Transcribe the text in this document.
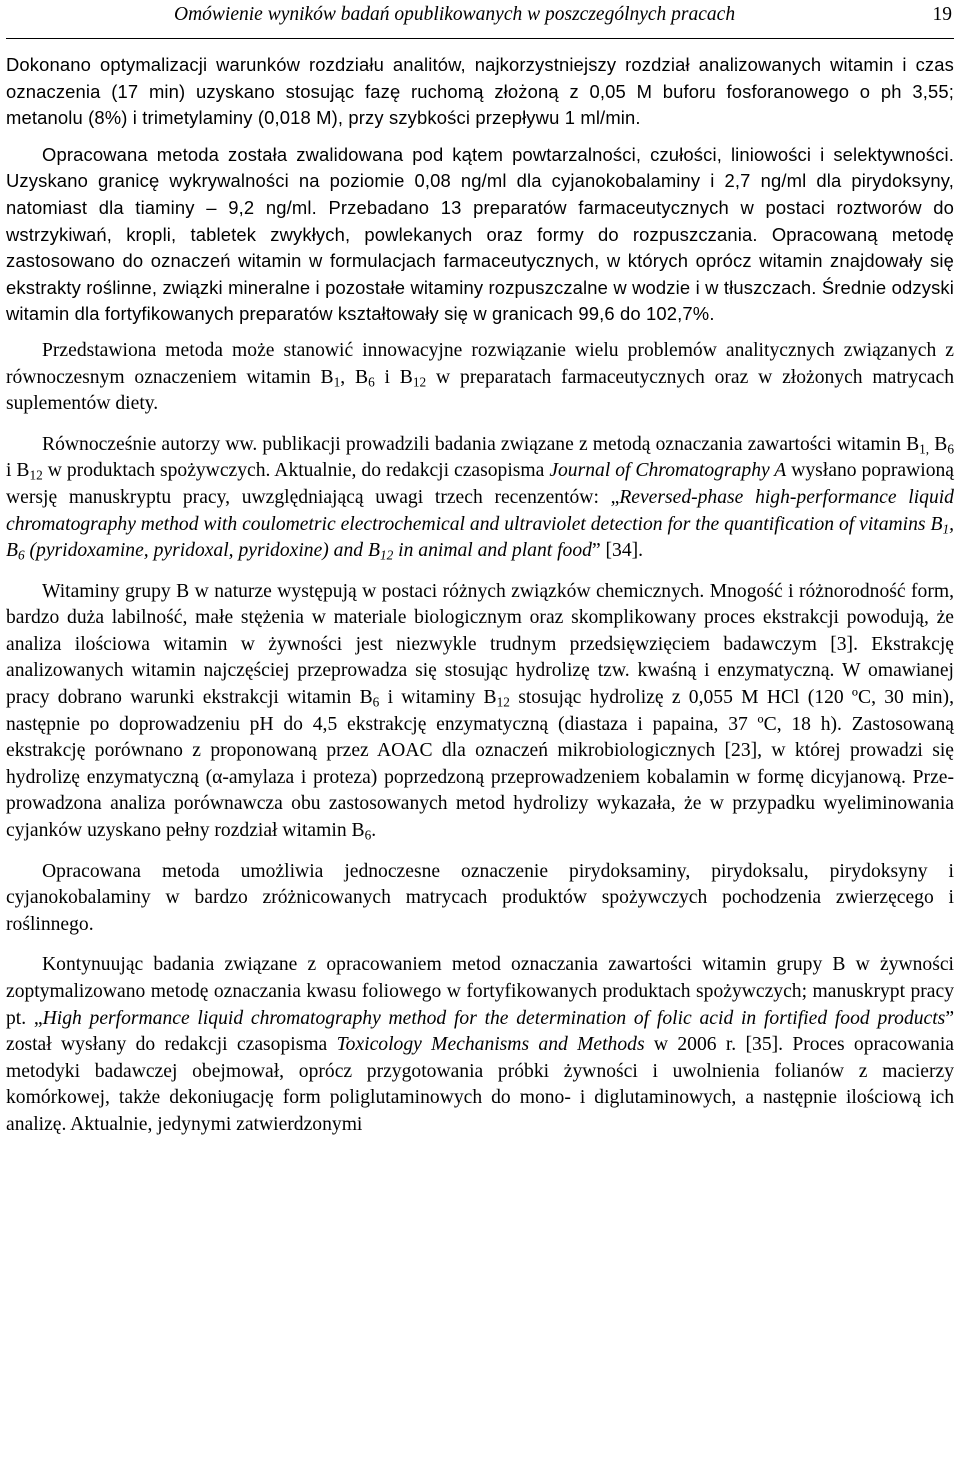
Omówienie wyników badań opublikowanych w poszczególnych pracach	19

Dokonano optymalizacji warunków rozdziału analitów, najkorzystniejszy rozdział analizowanych witamin i czas oznaczenia (17 min) uzyskano stosując fazę ruchomą złożoną z 0,05 M buforu fosforanowego o ph 3,55; metanolu (8%) i trimetylaminy (0,018 M), przy szybkości przepływu 1 ml/min.

Opracowana metoda została zwalidowana pod kątem powtarzalności, czułości, liniowości i selektywności. Uzyskano granicę wykrywalności na poziomie 0,08 ng/ml dla cyjanokobalaminy i 2,7 ng/ml dla pirydoksyny, natomiast dla tiaminy – 9,2 ng/ml. Przebadano 13 preparatów farmaceutycznych w postaci roztworów do wstrzykiwań, kropli, tabletek zwykłych, powlekanych oraz formy do rozpuszczania. Opracowaną metodę zastosowano do oznaczeń witamin w formulacjach farmaceutycznych, w których oprócz witamin znajdowały się ekstrakty roślinne, związki mineralne i pozostałe witaminy rozpuszczalne w wodzie i w tłuszczach. Średnie odzyski witamin dla fortyfikowanych preparatów kształtowały się w granicach 99,6 do 102,7%.

Przedstawiona metoda może stanowić innowacyjne rozwiązanie wielu problemów analitycznych związanych z równoczesnym oznaczeniem witamin $B_1$, $B_6$ i $B_{12}$ w preparatach farmaceutycznych oraz w złożonych matrycach suplementów diety.

Równocześnie autorzy ww. publikacji prowadzili badania związane z metodą oznaczania zawartości witamin $B_{1,}$ $B_6$ i $B_{12}$ w produktach spożywczych. Aktualnie, do redakcji czasopisma Journal of Chromatography A wysłano poprawioną wersję manuskryptu pracy, uwzględniającą uwagi trzech recenzentów: „Reversed-phase high-performance liquid chromatography method with coulometric electrochemical and ultraviolet detection for the quantification of vitamins $B_1$, $B_6$ (pyridoxamine, pyridoxal, pyridoxine) and $B_{12}$ in animal and plant food” [34].

Witaminy grupy B w naturze występują w postaci różnych związków chemicznych. Mnogość i różnorodność form, bardzo duża labilność, małe stężenia w materiale biologicznym oraz skomplikowany proces ekstrakcji powodują, że analiza ilościowa witamin w żywności jest niezwykle trudnym przedsięwzięciem badawczym [3]. Ekstrakcję analizowanych witamin najczęściej przeprowadza się stosując hydrolizę tzw. kwaśną i enzymatyczną. W omawianej pracy dobrano warunki ekstrakcji witamin $B_6$ i witaminy $B_{12}$ stosując hydrolizę z 0,055 M HCl (120 ºC, 30 min), następnie po doprowadzeniu pH do 4,5 ekstrakcję enzymatyczną (diastaza i papaina, 37 ºC, 18 h). Zastosowaną ekstrakcję porównano z proponowaną przez AOAC dla oznaczeń mikrobiologicznych [23], w której prowadzi się hydrolizę enzymatyczną (α-amylaza i proteza) poprzedzoną przeprowadzeniem kobalamin w formę dicyjanową. Przeprowadzona analiza porównawcza obu zastosowanych metod hydrolizy wykazała, że w przypadku wyeliminowania cyjanków uzyskano pełny rozdział witamin $B_6$.

Opracowana metoda umożliwia jednoczesne oznaczenie pirydoksaminy, pirydoksalu, pirydoksyny i cyjanokobalaminy w bardzo zróżnicowanych matrycach produktów spożywczych pochodzenia zwierzęcego i roślinnego.

Kontynuując badania związane z opracowaniem metod oznaczania zawartości witamin grupy B w żywności zoptymalizowano metodę oznaczania kwasu foliowego w fortyfikowanych produktach spożywczych; manuskrypt pracy pt. „High performance liquid chromatography method for the determination of folic acid in fortified food products” został wysłany do redakcji czasopisma Toxicology Mechanisms and Methods w 2006 r. [35]. Proces opracowania metodyki badawczej obejmował, oprócz przygotowania próbki żywności i uwolnienia folianów z macierzy komórkowej, także dekoniugację form poliglutaminowych do mono- i diglutaminowych, a następnie ilościową ich analizę. Aktualnie, jedynymi zatwierdzonymi
